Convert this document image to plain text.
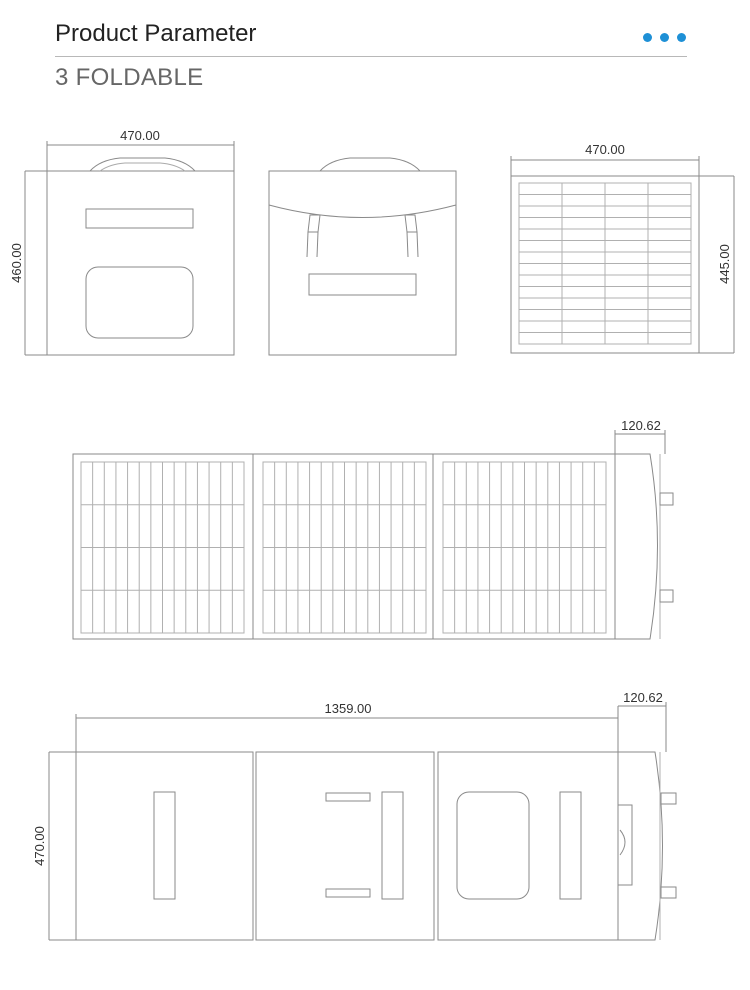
Product Parameter
3 FOLDABLE
470.00
460.00
470.00
445.00
120.62
1359.00
120.62
470.00
